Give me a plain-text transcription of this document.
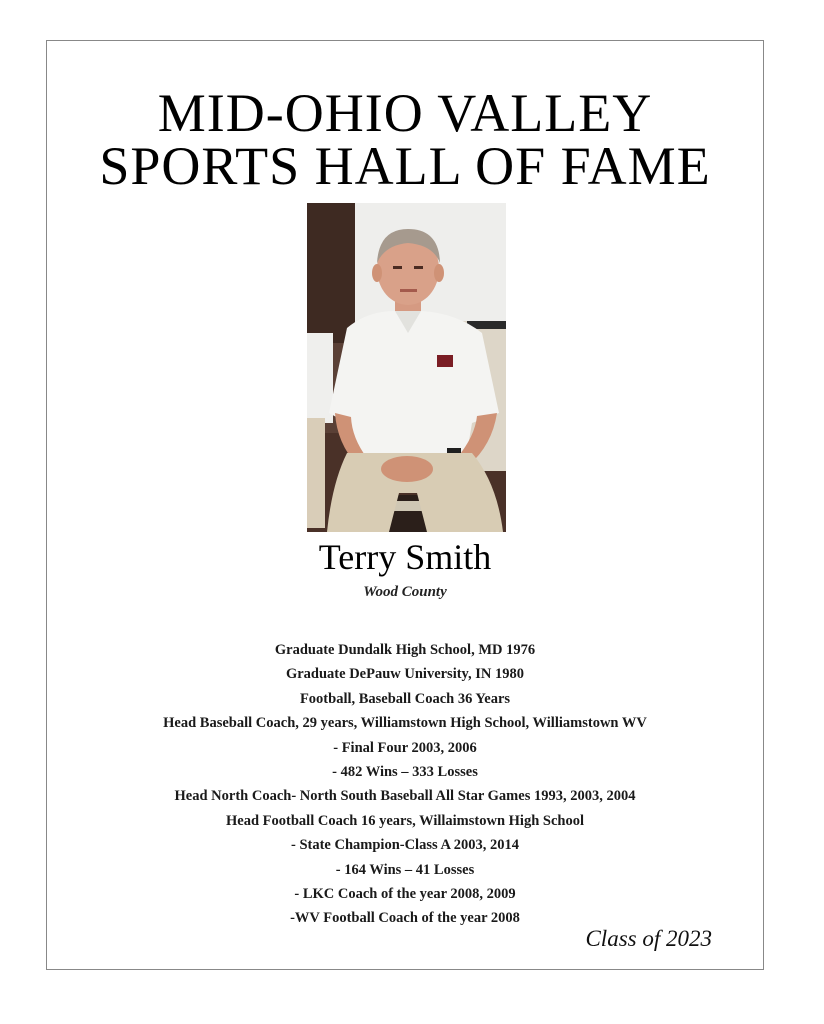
MID-OHIO VALLEY
SPORTS HALL OF FAME
Terry Smith
Wood County
Graduate Dundalk High School, MD 1976
Graduate DePauw University, IN 1980
Football, Baseball Coach 36 Years
Head Baseball Coach, 29 years, Williamstown High School, Williamstown WV
- Final Four 2003, 2006
- 482 Wins – 333 Losses
Head North Coach- North South Baseball All Star Games 1993, 2003, 2004
Head Football Coach 16 years, Willaimstown High School
- State Champion-Class A 2003, 2014
- 164 Wins – 41 Losses
- LKC Coach of the year 2008, 2009
-WV Football Coach of the year 2008
Class of 2023
